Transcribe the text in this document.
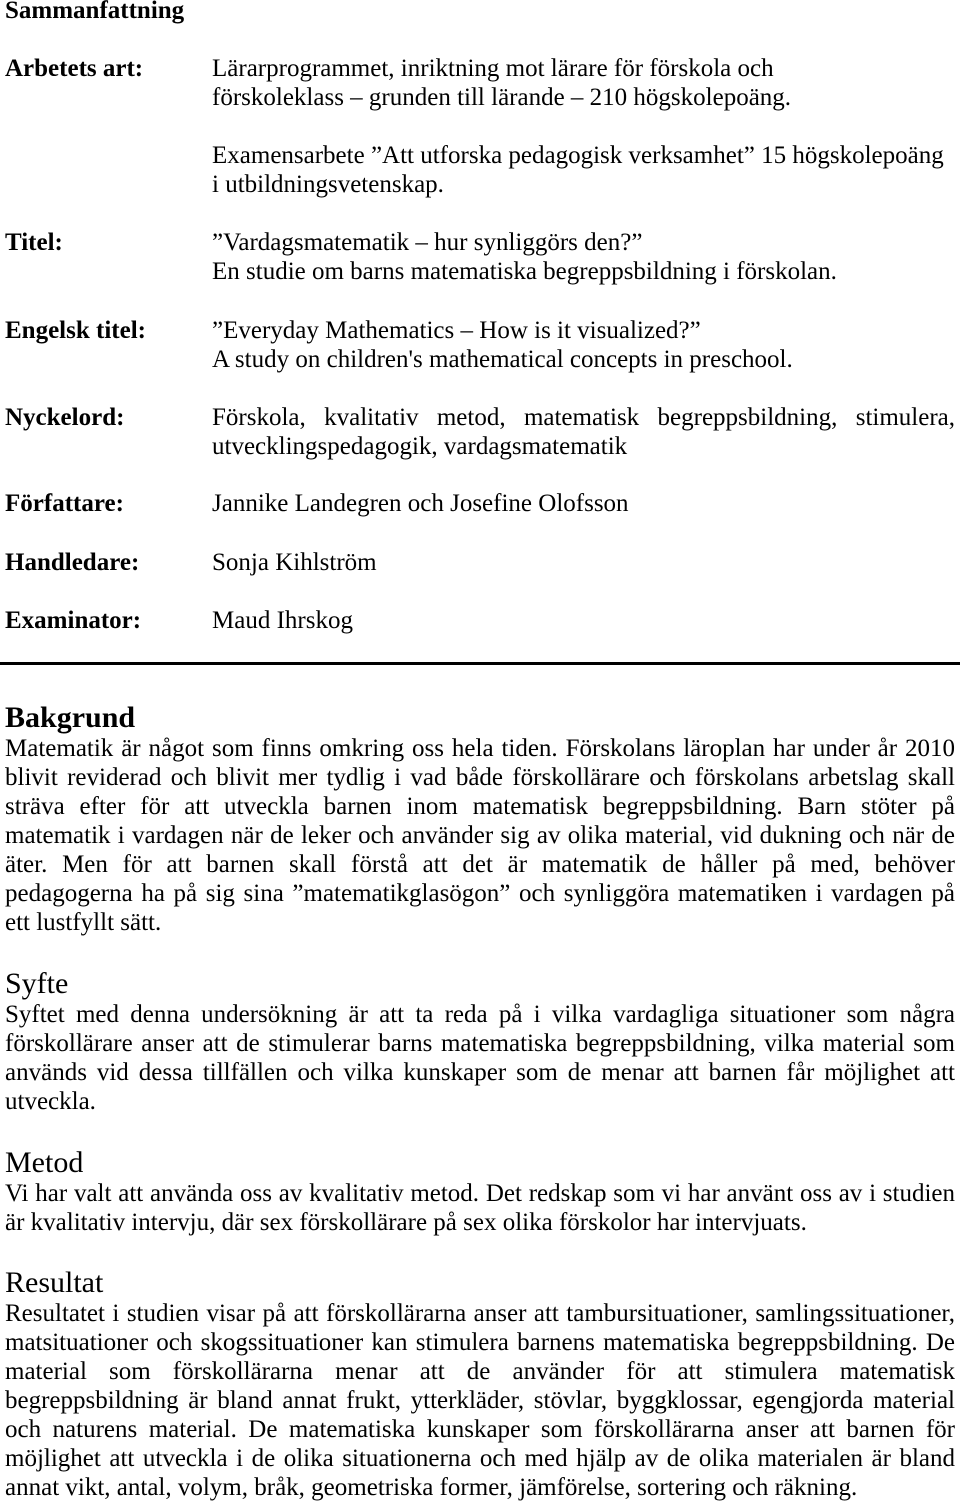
Sammanfattning
Arbetets art:	Lärarprogrammet, inriktning mot lärare för förskola och
förskoleklass – grunden till lärande – 210 högskolepoäng.
Examensarbete ”Att utforska pedagogisk verksamhet” 15 högskolepoäng
i utbildningsvetenskap.
Titel:	”Vardagsmatematik – hur synliggörs den?”
En studie om barns matematiska begreppsbildning i förskolan.
Engelsk titel:	”Everyday Mathematics – How is it visualized?”
A study on children's mathematical concepts in preschool.
Nyckelord:	Förskola, kvalitativ metod, matematisk begreppsbildning, stimulera,
utvecklingspedagogik, vardagsmatematik
Författare:	Jannike Landegren och Josefine Olofsson
Handledare:	Sonja Kihlström
Examinator:	Maud Ihrskog
Bakgrund
Matematik är något som finns omkring oss hela tiden. Förskolans läroplan har under år 2010
blivit reviderad och blivit mer tydlig i vad både förskollärare och förskolans arbetslag skall
sträva efter för att utveckla barnen inom matematisk begreppsbildning. Barn stöter på
matematik i vardagen när de leker och använder sig av olika material, vid dukning och när de
äter. Men för att barnen skall förstå att det är matematik de håller på med, behöver
pedagogerna ha på sig sina ”matematikglasögon” och synliggöra matematiken i vardagen på
ett lustfyllt sätt.
Syfte
Syftet med denna undersökning är att ta reda på i vilka vardagliga situationer som några
förskollärare anser att de stimulerar barns matematiska begreppsbildning, vilka material som
används vid dessa tillfällen och vilka kunskaper som de menar att barnen får möjlighet att
utveckla.
Metod
Vi har valt att använda oss av kvalitativ metod. Det redskap som vi har använt oss av i studien
är kvalitativ intervju, där sex förskollärare på sex olika förskolor har intervjuats.
Resultat
Resultatet i studien visar på att förskollärarna anser att tambursituationer, samlingssituationer,
matsituationer och skogssituationer kan stimulera barnens matematiska begreppsbildning. De
material som förskollärarna menar att de använder för att stimulera matematisk
begreppsbildning är bland annat frukt, ytterkläder, stövlar, byggklossar, egengjorda material
och naturens material. De matematiska kunskaper som förskollärarna anser att barnen för
möjlighet att utveckla i de olika situationerna och med hjälp av de olika materialen är bland
annat vikt, antal, volym, bråk, geometriska former, jämförelse, sortering och räkning.
